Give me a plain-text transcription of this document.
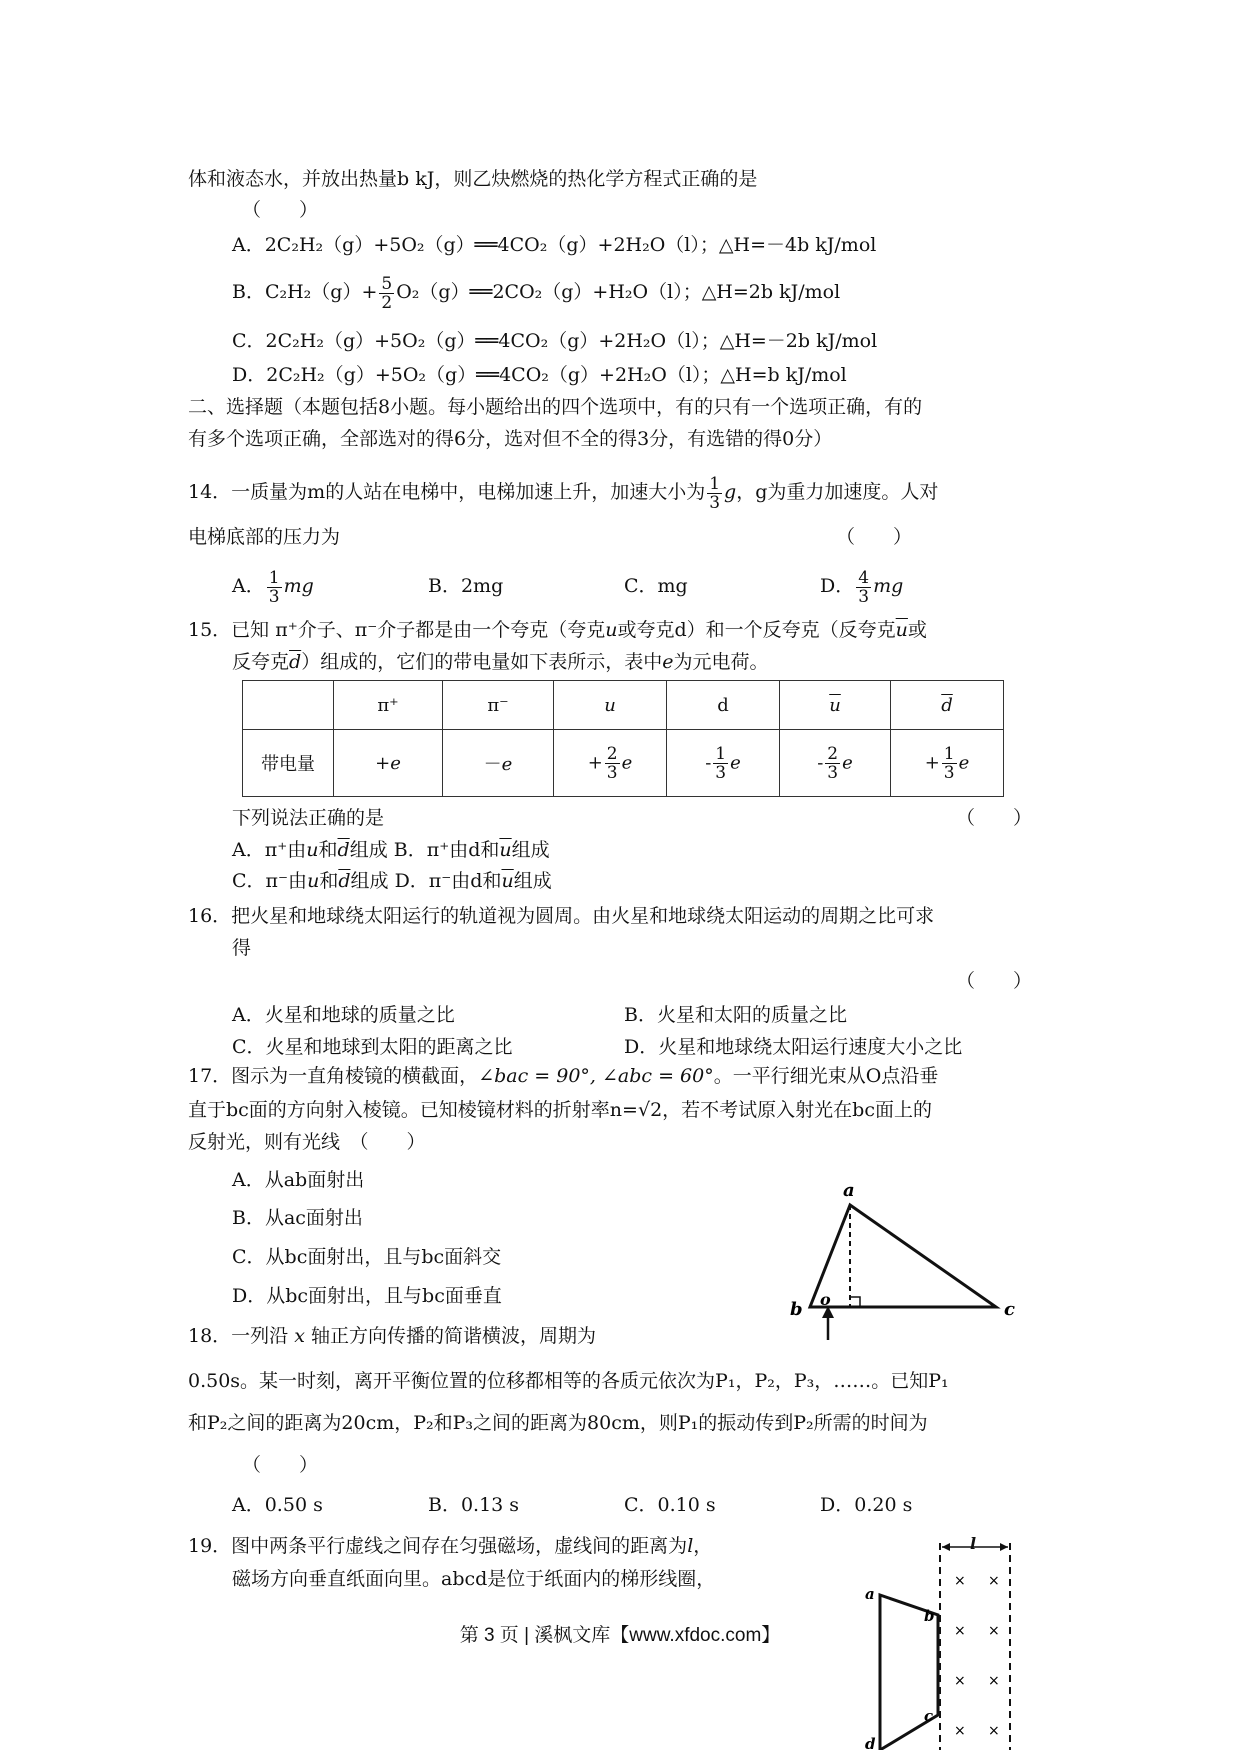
体和液态水，并放出热量b kJ，则乙炔燃烧的热化学方程式正确的是
（　　）
A．2C₂H₂（g）+5O₂（g）══4CO₂（g）+2H₂O（l）；△H=－4b kJ/mol
B．$C_2H_2(g)+ \frac{5}{2}$ O₂（g）══2CO₂（g）+H₂O（l）；△H=2b kJ/mol
C．2C₂H₂（g）+5O₂（g）══4CO₂（g）+2H₂O（l）；△H=－2b kJ/mol
D．2C₂H₂（g）+5O₂（g）══4CO₂（g）+2H₂O（l）；△H=b kJ/mol
二、选择题（本题包括8小题。每小题给出的四个选项中，有的只有一个选项正确，有的
有多个选项正确，全部选对的得6分，选对但不全的得3分，有选错的得0分）
14．一质量为m的人站在电梯中，电梯加速上升，加速大小为 $\frac{1}{3}$ g，g为重力加速度。人对
电梯底部的压力为	（　　）
A． $\frac{1}{3}$ mg	B．2mg	C．mg	D． $\frac{4}{3}$ mg
15．已知 π⁺介子、π⁻介子都是由一个夸克（夸克u或夸克d）和一个反夸克（反夸克$\overline{u}$或
反夸克$\overline{d}$）组成的，它们的带电量如下表所示，表中e为元电荷。
	π⁺	π⁻	u	d	$\overline{u}$	$\overline{d}$
带电量	+e	－e	+ $\frac{2}{3}$ e	- $\frac{1}{3}$ e	- $\frac{2}{3}$ e	+ $\frac{1}{3}$ e
下列说法正确的是	（　　）
A．π⁺由u和$\overline{d}$组成 B．π⁺由d和$\overline{u}$组成
C．π⁻由u和$\overline{d}$组成 D．π⁻由d和$\overline{u}$组成
16．把火星和地球绕太阳运行的轨道视为圆周。由火星和地球绕太阳运动的周期之比可求
得
（　　）
A．火星和地球的质量之比	B．火星和太阳的质量之比
C．火星和地球到太阳的距离之比	D．火星和地球绕太阳运行速度大小之比
17．图示为一直角棱镜的横截面，∠bac = 90°, ∠abc = 60°。一平行细光束从O点沿垂
直于bc面的方向射入棱镜。已知棱镜材料的折射率n=√2，若不考试原入射光在bc面上的
反射光，则有光线　（　　）
A．从ab面射出
B．从ac面射出
C．从bc面射出，且与bc面斜交
D．从bc面射出，且与bc面垂直
a
b o	c
18．一列沿 x 轴正方向传播的简谐横波，周期为
0.50s。某一时刻，离开平衡位置的位移都相等的各质元依次为P₁，P₂，P₃，……。已知P₁
和P₂之间的距离为20cm，P₂和P₃之间的距离为80cm，则P₁的振动传到P₂所需的时间为
（　　）
A．0.50 s	B．0.13 s	C．0.10 s	D．0.20 s
19．图中两条平行虚线之间存在匀强磁场，虚线间的距离为l，
磁场方向垂直纸面向里。abcd是位于纸面内的梯形线圈，
l
a
b
c
d
× ×
× ×
× ×
× ×
第 3 页 | 溪枫文库【www.xfdoc.com】
